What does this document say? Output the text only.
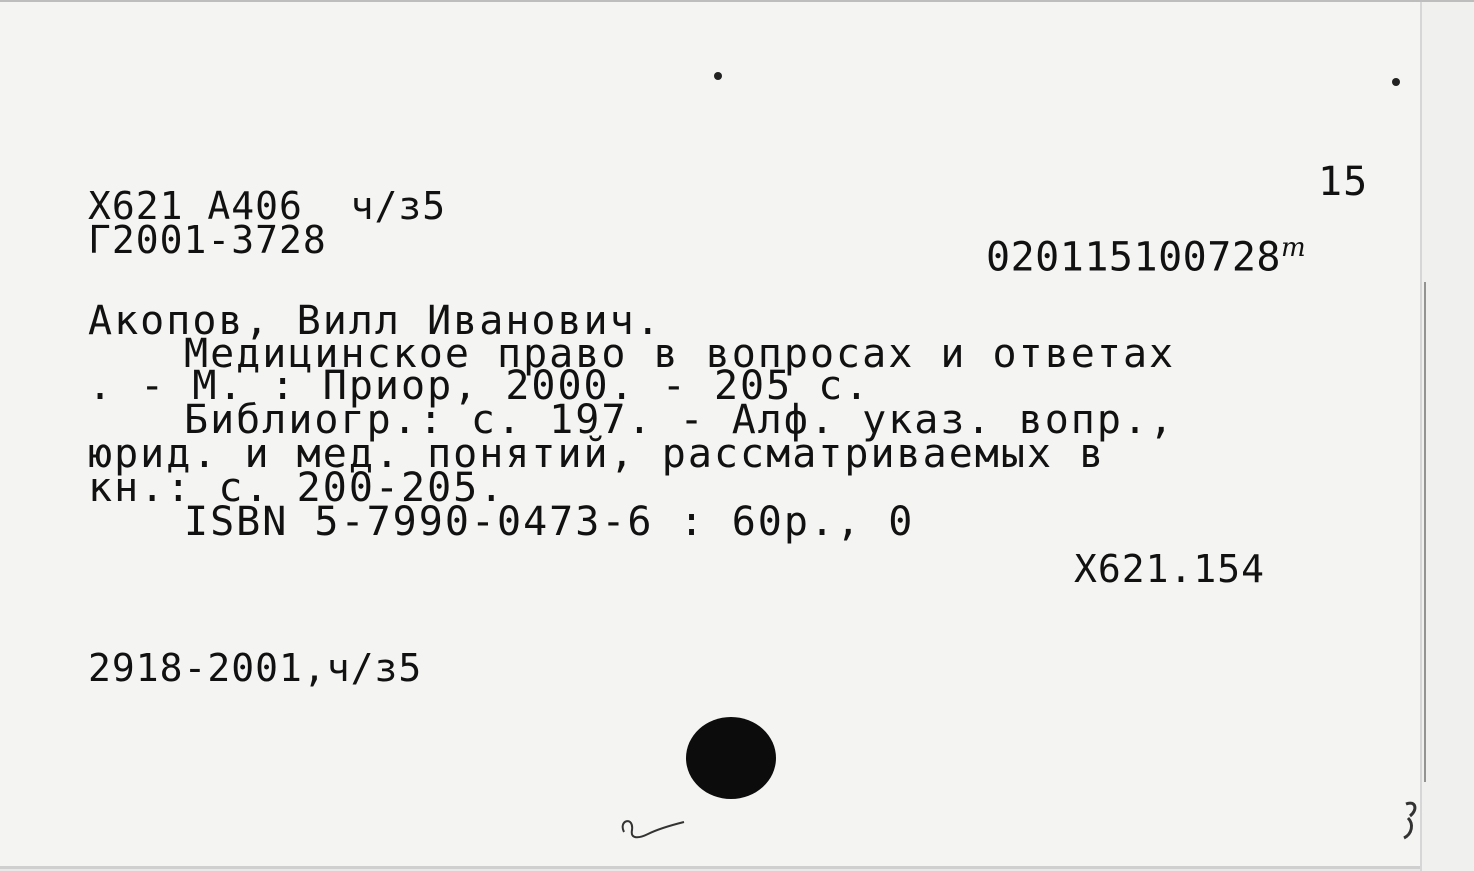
15
X621 A406  ч/з5
Г2001-3728	020115100728$^m$
Акопов, Вилл Иванович.
Медицинское право в вопросах и ответах
. - М. : Приор, 2000. - 205 с.
Библиогр.: с. 197. - Алф. указ. вопр.,
юрид. и мед. понятий, рассматриваемых в
кн.: с. 200-205.
ISBN 5-7990-0473-6 : 60р., 0
X621.154
2918-2001,ч/з5
